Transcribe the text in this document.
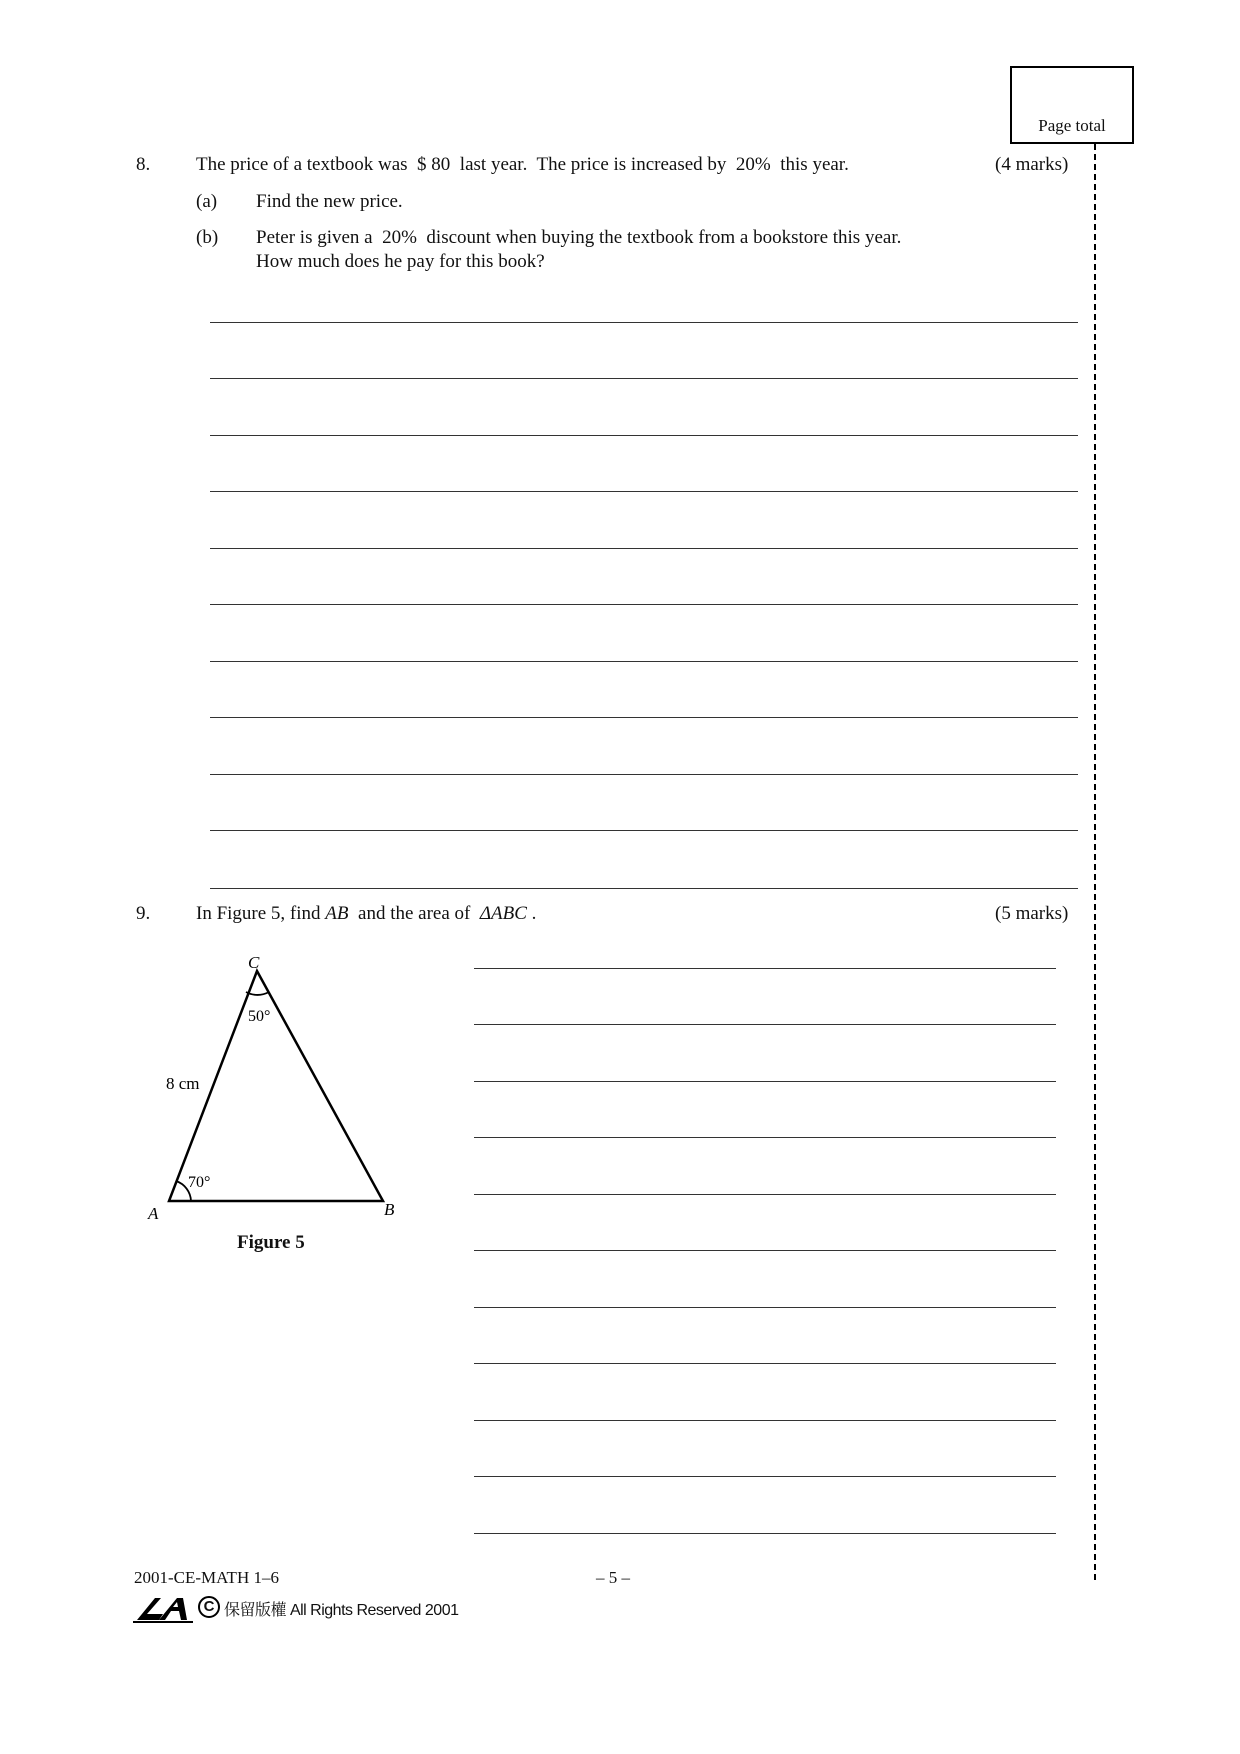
Page total
8. The price of a textbook was  $ 80  last year.  The price is increased by  20%  this year.	(4 marks)
(a) Find the new price.
(b) Peter is given a  20%  discount when buying the textbook from a bookstore this year.
How much does he pay for this book?
9. In Figure 5, find AB  and the area of  ΔABC .	(5 marks)
C
50°
8 cm
70°
A	B
Figure 5
2001-CE-MATH 1–6	– 5 –
C 保留版權 All Rights Reserved 2001
